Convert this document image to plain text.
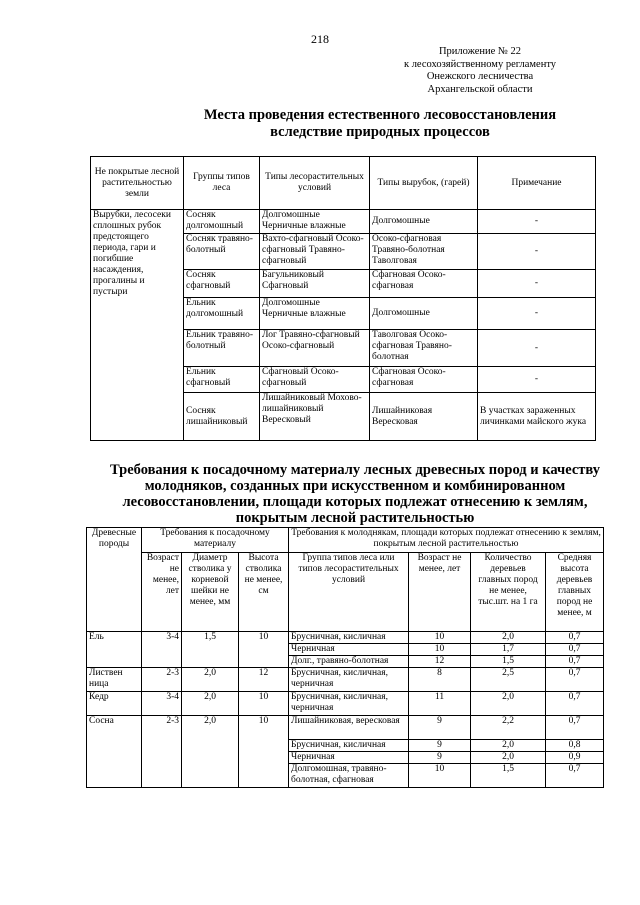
218
Приложение № 22
к лесохозяйственному регламенту
Онежского лесничества
Архангельской области
Места проведения естественного лесовосстановления вследствие природных процессов
Не покрытые лесной растительностью земли	Группы типов леса	Типы лесорастительных условий	Типы вырубок, (гарей)	Примечание
Вырубки, лесосеки сплошных рубок предстоящего периода, гари и погибшие насаждения, прогалины и пустыри	Сосняк долгомошный	Долгомошные Черничные влажные	Долгомошные	-
	Сосняк травяно-болотный	Вахто-сфагновый Осоко-сфагновый Травяно-сфагновый	Осоко-сфагновая Травяно-болотная Таволговая	-
	Сосняк сфагновый	Багульниковый Сфагновый	Сфагновая Осоко-сфагновая	-
	Ельник долгомошный	Долгомошные Черничные влажные	Долгомошные	-
	Ельник травяно-болотный	Лог Травяно-сфагновый Осоко-сфагновый	Таволговая Осоко-сфагновая Травяно-болотная	-
	Ельник сфагновый	Сфагновый Осоко-сфагновый	Сфагновая Осоко-сфагновая	-
	Сосняк лишайниковый	Лишайниковый Мохово-лишайниковый Вересковый	Лишайниковая Вересковая	В участках зараженных личинками майского жука
Требования к посадочному материалу лесных древесных пород и качеству молодняков, созданных при искусственном и комбинированном лесовосстановлении, площади которых подлежат отнесению к землям, покрытым лесной растительностью
Древесные породы	Требования к посадочному материалу			Требования к молоднякам, площади которых подлежат отнесению к землям, покрытым лесной растительностью			
	Возраст не менее, лет	Диаметр стволика у корневой шейки не менее, мм	Высота стволика не менее, см	Группа типов леса или типов лесорастительных условий	Возраст не менее, лет	Количество деревьев главных пород не менее, тыс.шт. на 1 га	Средняя высота деревьев главных пород не менее, м
Ель	3-4	1,5	10	Брусничная, кисличная	10	2,0	0,7
				Черничная	10	1,7	0,7
				Долг., травяно-болотная	12	1,5	0,7
Листвен ница	2-3	2,0	12	Брусничная, кисличная, черничная	8	2,5	0,7
Кедр	3-4	2,0	10	Брусничная, кисличная, черничная	11	2,0	0,7
Сосна	2-3	2,0	10	Лишайниковая, вересковая	9	2,2	0,7
				Брусничная, кисличная	9	2,0	0,8
				Черничная	9	2,0	0,9
				Долгомошная, травяно-болотная, сфагновая	10	1,5	0,7
